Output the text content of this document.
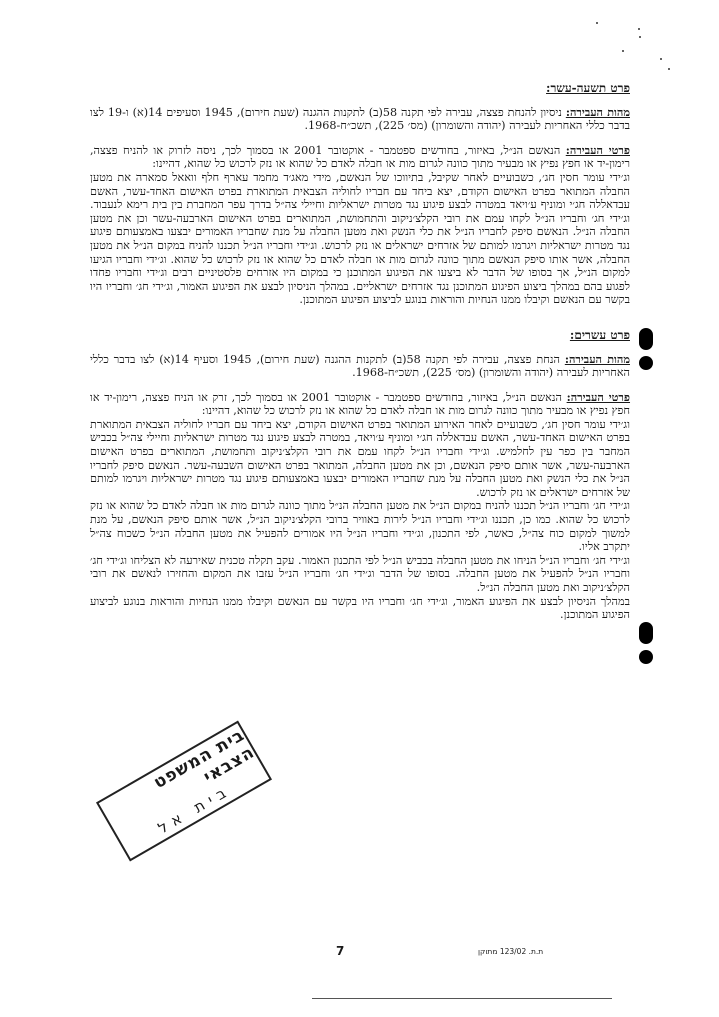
פרט תשעה-עשר:

מהות העבירה: ניסיון להנחת פצצה, עבירה לפי תקנה 58(ב) לתקנות ההגנה (שעת חירום), 1945 וסעיפים 14(א) ו-19 לצו בדבר כללי האחריות לעבירה (יהודה והשומרון) (מס׳ 225), תשכ״ח-1968.

פרטי העבירה: הנאשם הנ״ל, באיזור, בחודשים ספטמבר - אוקטובר 2001 או בסמוך לכך, ניסה לזרוק או להניח פצצה, רימון-יד או חפץ נפיץ או מבעיר מתוך כוונה לגרום מות או חבלה לאדם כל שהוא או נזק לרכוש כל שהוא, דהיינו:

וג׳ידי עומר חסין חג׳, כשבועיים לאחר שקיבל, בתיווכו של הנאשם, מידי מאג׳ד מחמד עארף חלף וואאל סמארה את מטען החבלה המתואר בפרט האישום הקודם, יצא ביחד עם חבריו לחוליה הצבאית המתוארת בפרט האישום האחד-עשר, האשם עבדאללה חג׳י ומוניף ע׳ויאד במטרה לבצע פיגוע נגד מטרות ישראליות וחיילי צה״ל בדרך עפר המחברת בין בית רימא לנעבוד. וג׳ידי חג׳ וחבריו הנ״ל לקחו עמם את רובי הקלצ׳ניקוב והתחמושת, המתוארים בפרט האישום הארבעה-עשר וכן את מטען החבלה הנ״ל. הנאשם סיפק לחבריו הנ״ל את כלי הנשק ואת מטען החבלה על מנת שחבריו האמורים יבצעו באמצעותם פיגוע נגד מטרות ישראליות ויגרמו למותם של אזרחים ישראלים או נזק לרכוש. וג׳ידי וחבריו הנ״ל תכננו להניח במקום הנ״ל את מטען החבלה, אשר אותו סיפק הנאשם מתוך כוונה לגרום מות או חבלה לאדם כל שהוא או נזק לרכוש כל שהוא. וג׳ידי וחבריו הגיעו למקום הנ״ל, אך בסופו של הדבר לא ביצעו את הפיגוע המתוכנן כי במקום היו אזרחים פלסטיניים רבים וג׳ידי וחבריו פחדו לפגוע בהם במהלך ביצוע הפיגוע המתוכנן נגד אזרחים ישראליים. במהלך הניסיון לבצע את הפיגוע האמור, וג׳ידי חג׳ וחבריו היו בקשר עם הנאשם וקיבלו ממנו הנחיות והוראות בנוגע לביצוע הפיגוע המתוכנן.

פרט עשרים:

מהות העבירה: הנחת פצצה, עבירה לפי תקנה 58(ב) לתקנות ההגנה (שעת חירום), 1945 וסעיף 14(א) לצו בדבר כללי האחריות לעבירה (יהודה והשומרון) (מס׳ 225), תשכ״ח-1968.

פרטי העבירה: הנאשם הנ״ל, באיזור, בחודשים ספטמבר - אוקטובר 2001 או בסמוך לכך, זרק או הניח פצצה, רימון-יד או חפץ נפיץ או מבעיר מתוך כוונה לגרום מות או חבלה לאדם כל שהוא או נזק לרכוש כל שהוא, דהיינו:

וג׳ידי עומר חסין חג׳, כשבועיים לאחר האירוע המתואר בפרט האישום הקודם, יצא ביחד עם חבריו לחוליה הצבאית המתוארת בפרט האישום האחד-עשר, האשם עבדאללה חג׳י ומוניף ע׳ויאד, במטרה לבצע פיגוע נגד מטרות ישראליות וחיילי צה״ל בכביש המחבר בין כפר עין לחלמיש. וג׳ידי וחבריו הנ״ל לקחו עמם את רובי הקלצ׳ניקוב ותחמושת, המתוארים בפרט האישום הארבעה-עשר, אשר אותם סיפק הנאשם, וכן את מטען החבלה, המתואר בפרט האישום השבעה-עשר. הנאשם סיפק לחבריו הנ״ל את כלי הנשק ואת מטען החבלה על מנת שחבריו האמורים יבצעו באמצעותם פיגוע נגד מטרות ישראליות ויגרמו למותם של אזרחים ישראלים או נזק לרכוש.

וג׳ידי חג׳ וחבריו הנ״ל תכננו להניח במקום הנ״ל את מטען החבלה הנ״ל מתוך כוונה לגרום מות או חבלה לאדם כל שהוא או נזק לרכוש כל שהוא. כמו כן, תכננו וג׳ידי וחבריו הנ״ל לירות באוויר ברובי הקלצ׳ניקוב הנ״ל, אשר אותם סיפק הנאשם, על מנת למשוך למקום כוח צה״ל, כאשר, לפי התכנון, וג׳ידי וחבריו הנ״ל היו אמורים להפעיל את מטען החבלה הנ״ל כשכוח צה״ל יתקרב אליו.

וג׳ידי חג׳ וחבריו הנ״ל הניחו את מטען החבלה בכביש הנ״ל לפי התכנון האמור. עקב תקלה טכנית שאירעה לא הצליחו וג׳ידי חג׳ וחבריו הנ״ל להפעיל את מטען החבלה. בסופו של הדבר וג׳ידי חג׳ וחבריו הנ״ל עזבו את המקום והחזירו לנאשם את רובי הקלצ׳ניקוב ואת מטען החבלה הנ״ל.

במהלך הניסיון לבצע את הפיגוע האמור, וג׳ידי חג׳ וחבריו היו בקשר עם הנאשם וקיבלו ממנו הנחיות והוראות בנוגע לביצוע הפיגוע המתוכנן.

בית המשפט הצבאי
בית אל
7	ת.ת. 123/02 מתוקן
